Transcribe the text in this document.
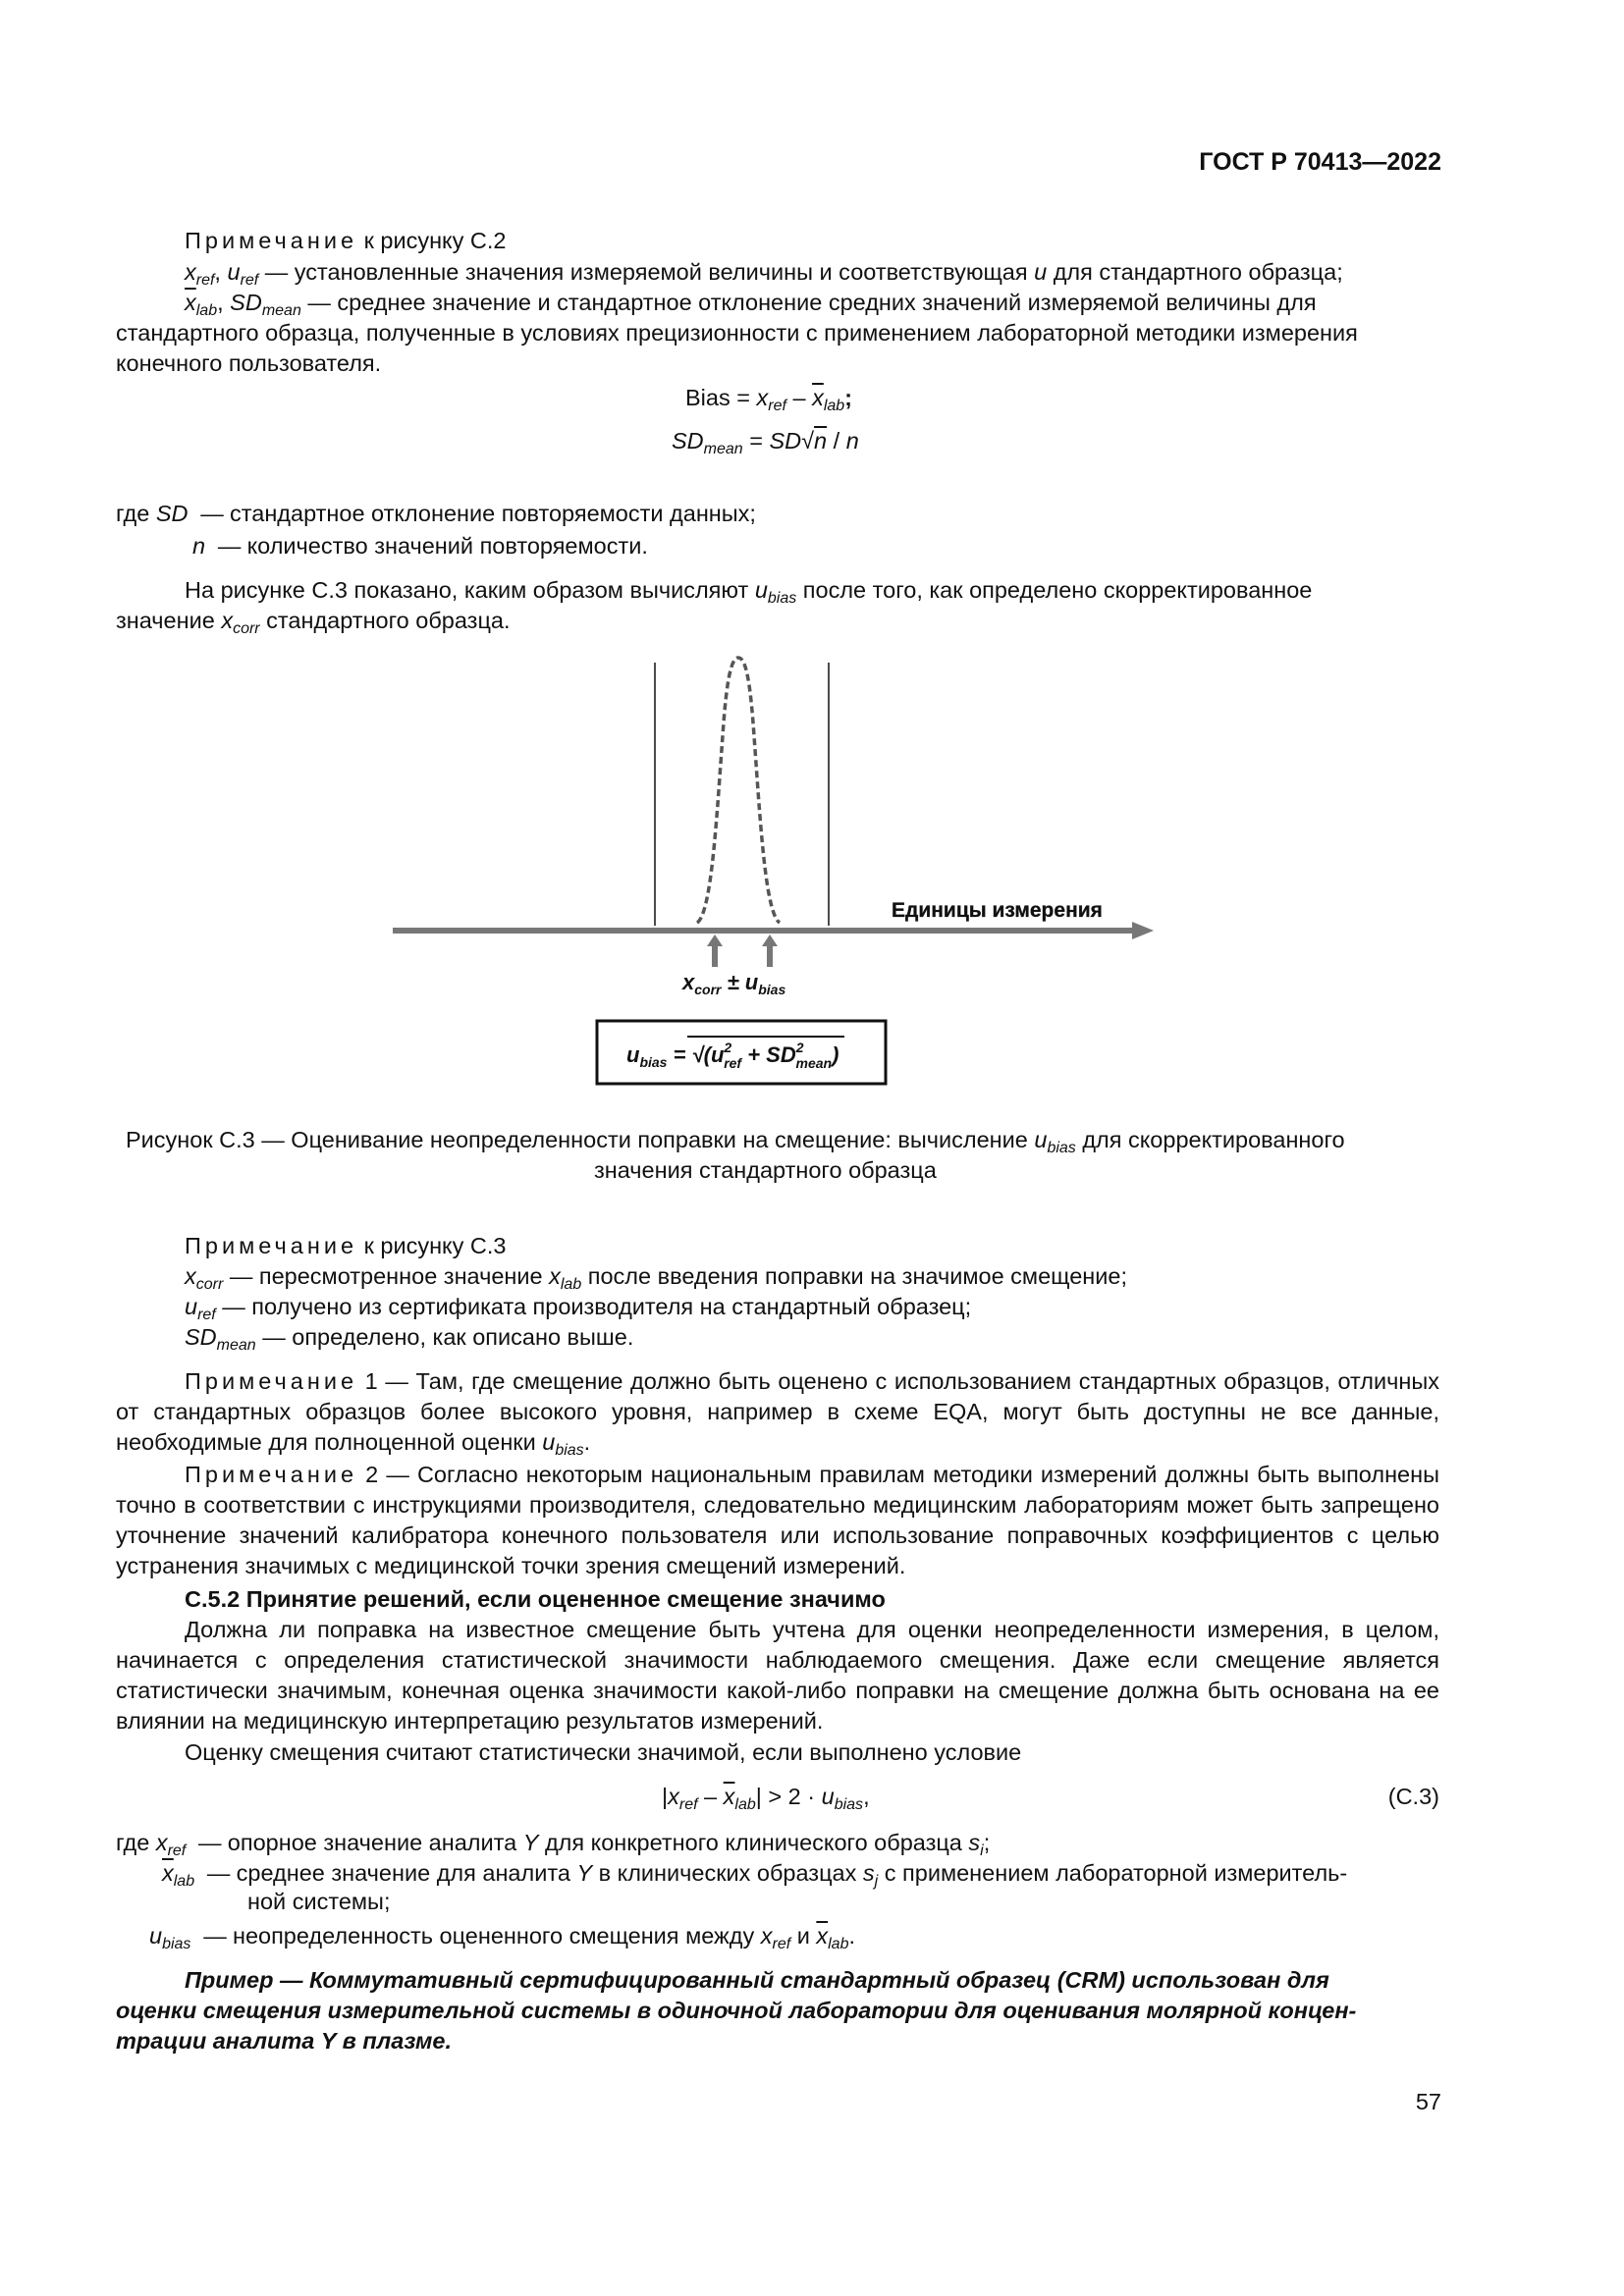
ГОСТ Р 70413—2022
Примечание к рисунку С.2
$x_{ref}$, $u_{ref}$ — установленные значения измеряемой величины и соответствующая u для стандартного образца;
$\overline{x}_{lab}$, $SD_{mean}$ — среднее значение и стандартное отклонение средних значений измеряемой величины для
стандартного образца, полученные в условиях прецизионности с применением лабораторной методики измерения
конечного пользователя.
Bias = $x_{ref} - \overline{x}_{lab}$;
$SD_{mean} = SD√n / n$
где SD — стандартное отклонение повторяемости данных;
n — количество значений повторяемости.
На рисунке С.3 показано, каким образом вычисляют $u_{bias}$ после того, как определено скорректированное
значение $x_{corr}$ стандартного образца.
Единицы измерения
$x_{corr} \pm u_{bias}$
$u_{bias} = √(u^2$ ref + $SD^2$ mean)
Рисунок С.3 — Оценивание неопределенности поправки на смещение: вычисление $u_{bias}$ для скорректированного
значения стандартного образца
Примечание к рисунку С.3
$x_{corr}$ — пересмотренное значение $x_{lab}$ после введения поправки на значимое смещение;
$u_{ref}$ — получено из сертификата производителя на стандартный образец;
$SD_{mean}$ — определено, как описано выше.
Примечание 1 — Там, где смещение должно быть оценено с использованием стандартных образцов, отличных от стандартных образцов более высокого уровня, например в схеме EQA, могут быть доступны не все данные, необходимые для полноценной оценки $u_{bias}$.
Примечание 2 — Согласно некоторым национальным правилам методики измерений должны быть выполнены точно в соответствии с инструкциями производителя, следовательно медицинским лабораториям может быть запрещено уточнение значений калибратора конечного пользователя или использование поправочных коэффициентов с целью устранения значимых с медицинской точки зрения смещений измерений.
С.5.2 Принятие решений, если оцененное смещение значимо
Должна ли поправка на известное смещение быть учтена для оценки неопределенности измерения, в целом, начинается с определения статистической значимости наблюдаемого смещения. Даже если смещение является статистически значимым, конечная оценка значимости какой-либо поправки на смещение должна быть основана на ее влиянии на медицинскую интерпретацию результатов измерений.
Оценку смещения считают статистически значимой, если выполнено условие
$|x_{ref} - \overline{x}_{lab}| > 2 \cdot u_{bias}$,	(С.3)
где $x_{ref}$ — опорное значение аналита Y для конкретного клинического образца $s_i$;
$\overline{x}_{lab}$ — среднее значение для аналита Y в клинических образцах $s_j$ с применением лабораторной измеритель-
ной системы;
$u_{bias}$ — неопределенность оцененного смещения между $x_{ref}$ и $\overline{x}_{lab}$.
Пример — Коммутативный сертифицированный стандартный образец (CRM) использован для
оценки смещения измерительной системы в одиночной лаборатории для оценивания молярной концен-
трации аналита Y в плазме.
57
